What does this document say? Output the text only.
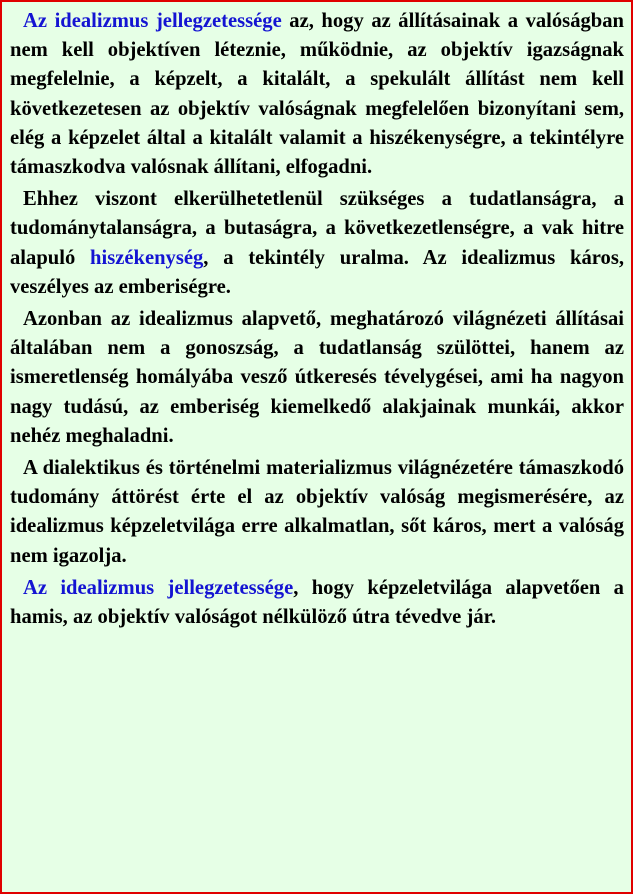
Az idealizmus jellegzetessége az, hogy az állításainak a valóságban nem kell objektíven léteznie, működnie, az objektív igazságnak megfelelnie, a képzelt, a kitalált, a spekulált állítást nem kell következetesen az objektív valóságnak megfelelően bizonyítani sem, elég a képzelet által a kitalált valamit a hiszékenységre, a tekintélyre támaszkodva valósnak állítani, elfogadni.

Ehhez viszont elkerülhetetlenül szükséges a tudatlanságra, a tudománytalanságra, a butaságra, a következetlenségre, a vak hitre alapuló hiszékenység, a tekintély uralma. Az idealizmus káros, veszélyes az emberiségre.

Azonban az idealizmus alapvető, meghatározó világnézeti állításai általában nem a gonoszság, a tudatlanság szülöttei, hanem az ismeretlenség homályába vesző útkeresés tévelygései, ami ha nagyon nagy tudású, az emberiség kiemelkedő alakjainak munkái, akkor nehéz meghaladni.

A dialektikus és történelmi materializmus világnézetére támaszkodó tudomány áttörést érte el az objektív valóság megismerésére, az idealizmus képzeletvilága erre alkalmatlan, sőt káros, mert a valóság nem igazolja.

Az idealizmus jellegzetessége, hogy képzeletvilága alapvetően a hamis, az objektív valóságot nélkülöző útra tévedve jár.
